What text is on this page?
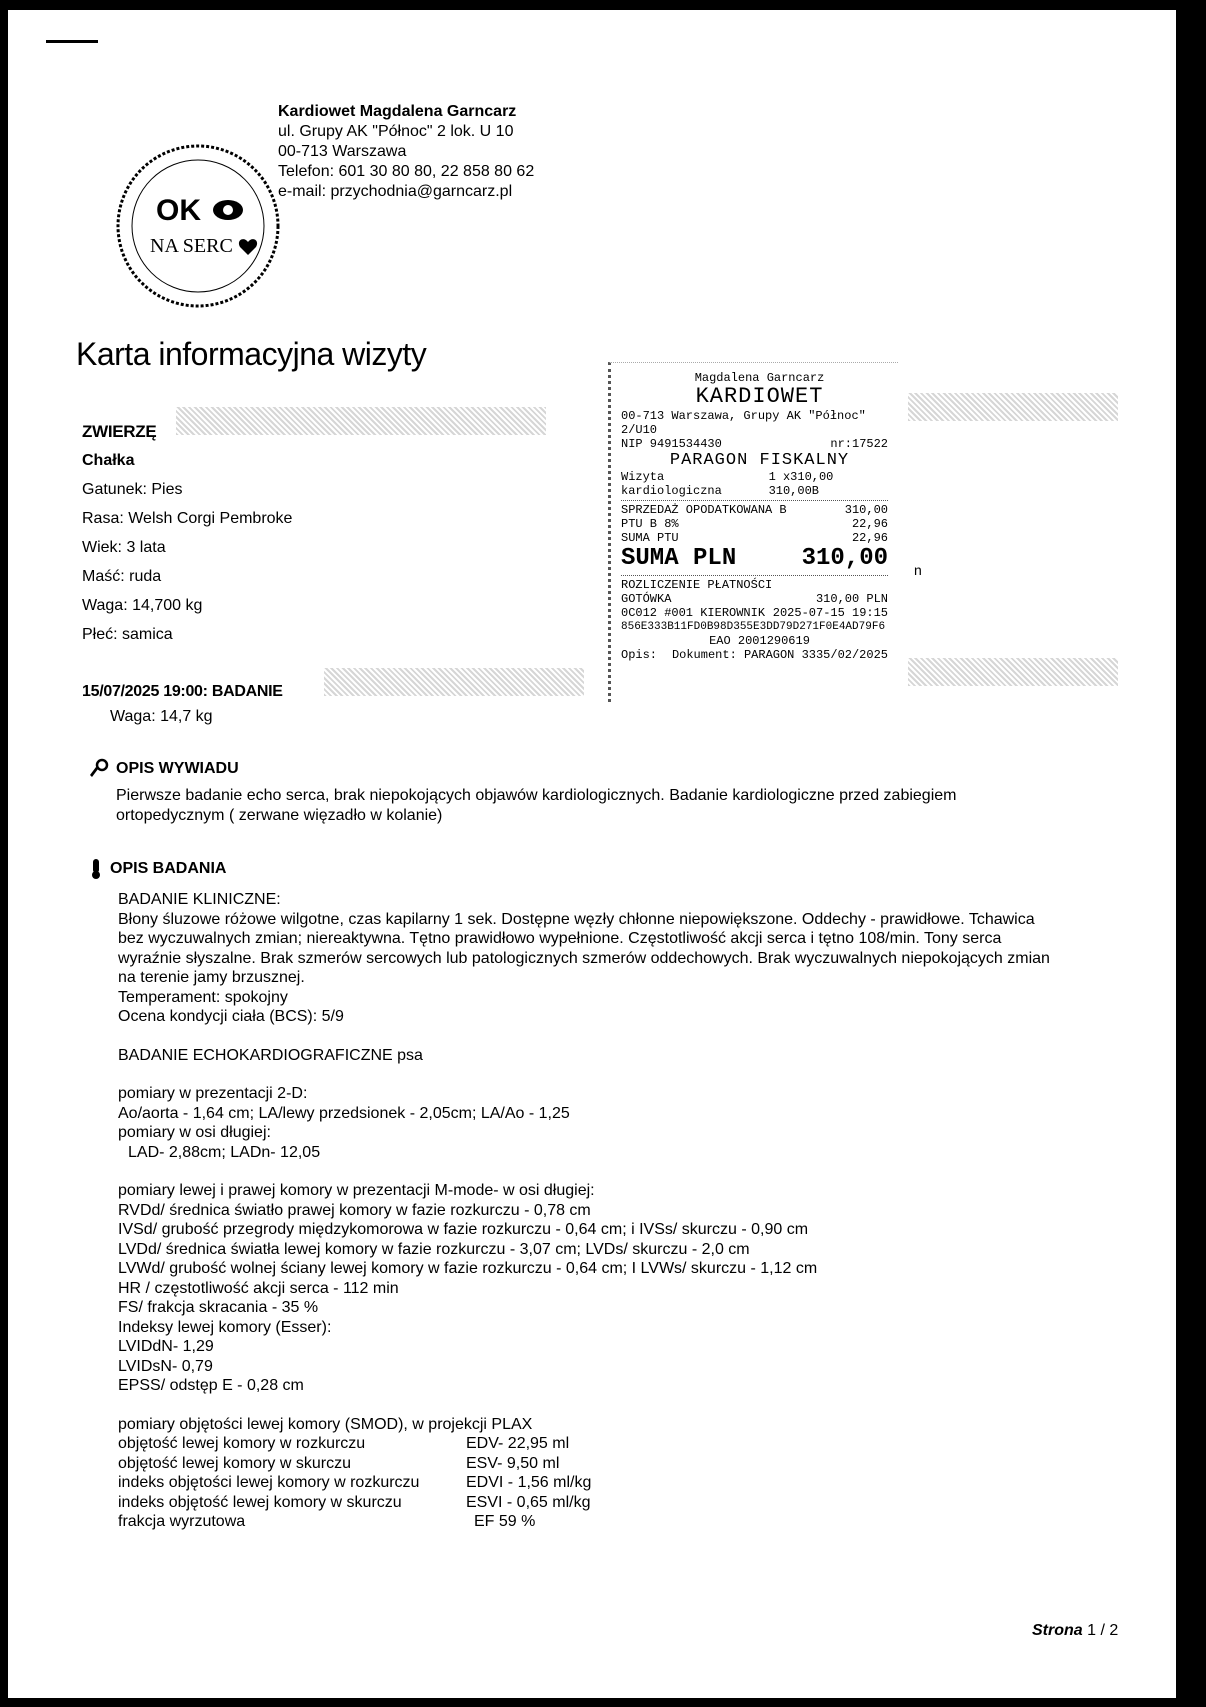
OK
NA SERC
Kardiowet Magdalena Garncarz
ul. Grupy AK "Północ" 2 lok. U 10
00-713 Warszawa
Telefon: 601 30 80 80, 22 858 80 62
e-mail: przychodnia@garncarz.pl
Karta informacyjna wizyty
ZWIERZĘ
Chałka
Gatunek: Pies
Rasa: Welsh Corgi Pembroke
Wiek: 3 lata
Maść: ruda
Waga: 14,700 kg
Płeć: samica
15/07/2025 19:00: BADANIE
Waga: 14,7 kg
Magdalena Garncarz
KARDIOWET
00-713 Warszawa, Grupy AK "Północ" 2/U10
NIP 9491534430	nr:17522
PARAGON FISKALNY
Wizyta kardiologiczna
1 x310,00 310,00B
SPRZEDAŻ OPODATKOWANA B	310,00
PTU B 8%	22,96
SUMA PTU	22,96
SUMA PLN	310,00
ROZLICZENIE PŁATNOŚCI
GOTÓWKA	310,00 PLN
0C012 #001 KIEROWNIK 2025-07-15 19:15
856E333B11FD0B98D355E3DD79D271F0E4AD79F6
EAO 2001290619
Opis: Dokument: PARAGON 3335/02/2025
n
OPIS WYWIADU
Pierwsze badanie echo serca, brak niepokojących objawów kardiologicznych. Badanie kardiologiczne przed zabiegiem
ortopedycznym ( zerwane więzadło w kolanie)
OPIS BADANIA
BADANIE KLINICZNE:
Błony śluzowe różowe wilgotne, czas kapilarny 1 sek. Dostępne węzły chłonne niepowiększone. Oddechy - prawidłowe. Tchawica
bez wyczuwalnych zmian; niereaktywna. Tętno prawidłowo wypełnione. Częstotliwość akcji serca i tętno 108/min. Tony serca
wyraźnie słyszalne. Brak szmerów sercowych lub patologicznych szmerów oddechowych. Brak wyczuwalnych niepokojących zmian
na terenie jamy brzusznej.
Temperament: spokojny
Ocena kondycji ciała (BCS): 5/9
BADANIE ECHOKARDIOGRAFICZNE psa
pomiary w prezentacji 2-D:
Ao/aorta - 1,64 cm; LA/lewy przedsionek - 2,05cm; LA/Ao - 1,25
pomiary w osi długiej:
LAD- 2,88cm; LADn- 12,05
pomiary lewej i prawej komory w prezentacji M-mode- w osi długiej:
RVDd/ średnica światło prawej komory w fazie rozkurczu - 0,78 cm
IVSd/ grubość przegrody międzykomorowa w fazie rozkurczu - 0,64 cm; i IVSs/ skurczu - 0,90 cm
LVDd/ średnica światła lewej komory w fazie rozkurczu - 3,07 cm; LVDs/ skurczu - 2,0 cm
LVWd/ grubość wolnej ściany lewej komory w fazie rozkurczu - 0,64 cm; I LVWs/ skurczu - 1,12 cm
HR / częstotliwość akcji serca - 112 min
FS/ frakcja skracania - 35 %
Indeksy lewej komory (Esser):
LVIDdN- 1,29
LVIDsN- 0,79
EPSS/ odstęp E - 0,28 cm
pomiary objętości lewej komory (SMOD), w projekcji PLAX
objętość lewej komory w rozkurczu	EDV- 22,95 ml
objętość lewej komory w skurczu	ESV- 9,50 ml
indeks objętości lewej komory w rozkurczu	EDVI - 1,56 ml/kg
indeks objętość lewej komory w skurczu	ESVI - 0,65 ml/kg
frakcja wyrzutowa	EF 59 %
Strona 1 / 2
